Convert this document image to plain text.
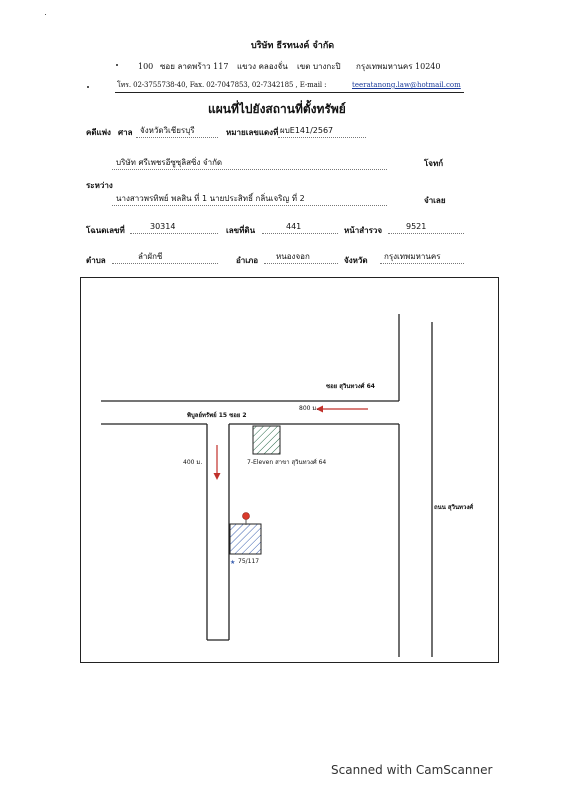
บริษัท ธีรทนงค์ จำกัด
100 ซอย ลาดพร้าว 117 แขวง คลองจั่น เขต บางกะปิ กรุงเทพมหานคร 10240
โทร. 02-3755738-40, Fax. 02-7047853, 02-7342185 , E-mail :	teeratanong.law@hotmail.com
แผนที่ไปยังสถานที่ตั้งทรัพย์
คดีแพ่ง ศาล จังหวัดวิเชียรบุรี	หมายเลขแดงที่ ผบE141/2567
บริษัท ศรีเพชรอีซูซุลิสซิ่ง จำกัด	โจทก์
ระหว่าง
นางสาวพรทิพย์ พลสิน ที่ 1 นายประสิทธิ์ กลิ่นเจริญ ที่ 2	จำเลย
โฉนดเลขที่	30314	เลขที่ดิน	441	หน้าสำรวจ	9521
ตำบล	ลำผักชี	อำเภอ หนองจอก	จังหวัด กรุงเทพมหานคร
★
ซอย สุวินทวงศ์ 64
800 ม.
พิบูลย์ทรัพย์ 15 ซอย 2
400 ม.	7-Eleven สาขา สุวินทวงศ์ 64
ถนน สุวินทวงศ์
75/117
Scanned with CamScanner
